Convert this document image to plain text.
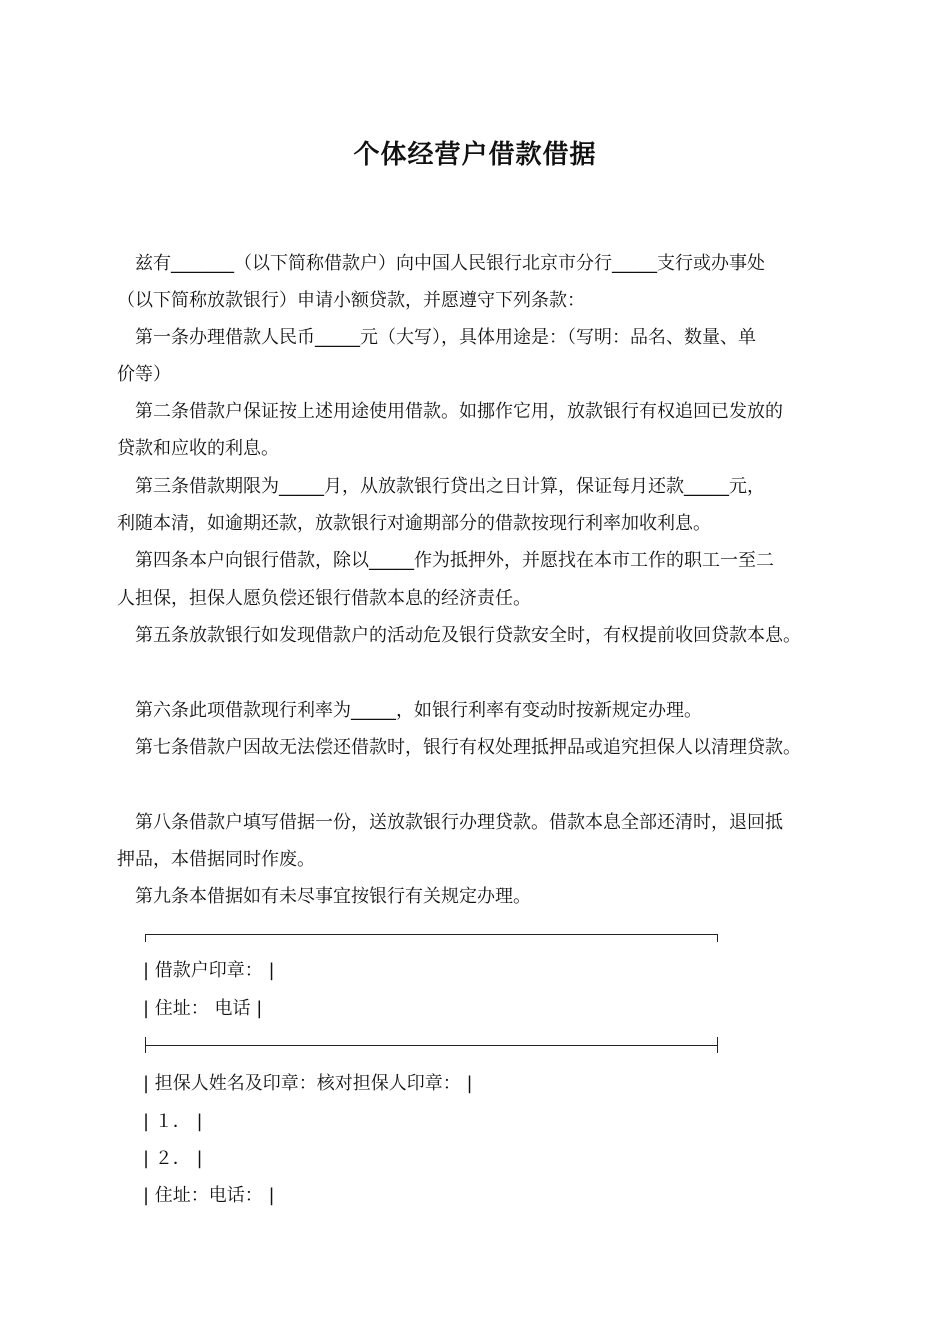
个体经营户借款借据
兹有_______（以下简称借款户）向中国人民银行北京市分行_____支行或办事处
（以下简称放款银行）申请小额贷款，并愿遵守下列条款：
第一条办理借款人民币_____元（大写），具体用途是：（写明：品名、数量、单
价等）
第二条借款户保证按上述用途使用借款。如挪作它用，放款银行有权追回已发放的
贷款和应收的利息。
第三条借款期限为_____月，从放款银行贷出之日计算，保证每月还款_____元，
利随本清，如逾期还款，放款银行对逾期部分的借款按现行利率加收利息。
第四条本户向银行借款，除以_____作为抵押外，并愿找在本市工作的职工一至二
人担保，担保人愿负偿还银行借款本息的经济责任。
第五条放款银行如发现借款户的活动危及银行贷款安全时，有权提前收回贷款本息。
第六条此项借款现行利率为_____，如银行利率有变动时按新规定办理。
第七条借款户因故无法偿还借款时，银行有权处理抵押品或追究担保人以清理贷款。
第八条借款户填写借据一份，送放款银行办理贷款。借款本息全部还清时，退回抵
押品，本借据同时作废。
第九条本借据如有未尽事宜按银行有关规定办理。
| 借款户印章： |
| 住址： 电话 |
| 担保人姓名及印章：核对担保人印章： |
| １． |
| ２． |
| 住址：电话： |
